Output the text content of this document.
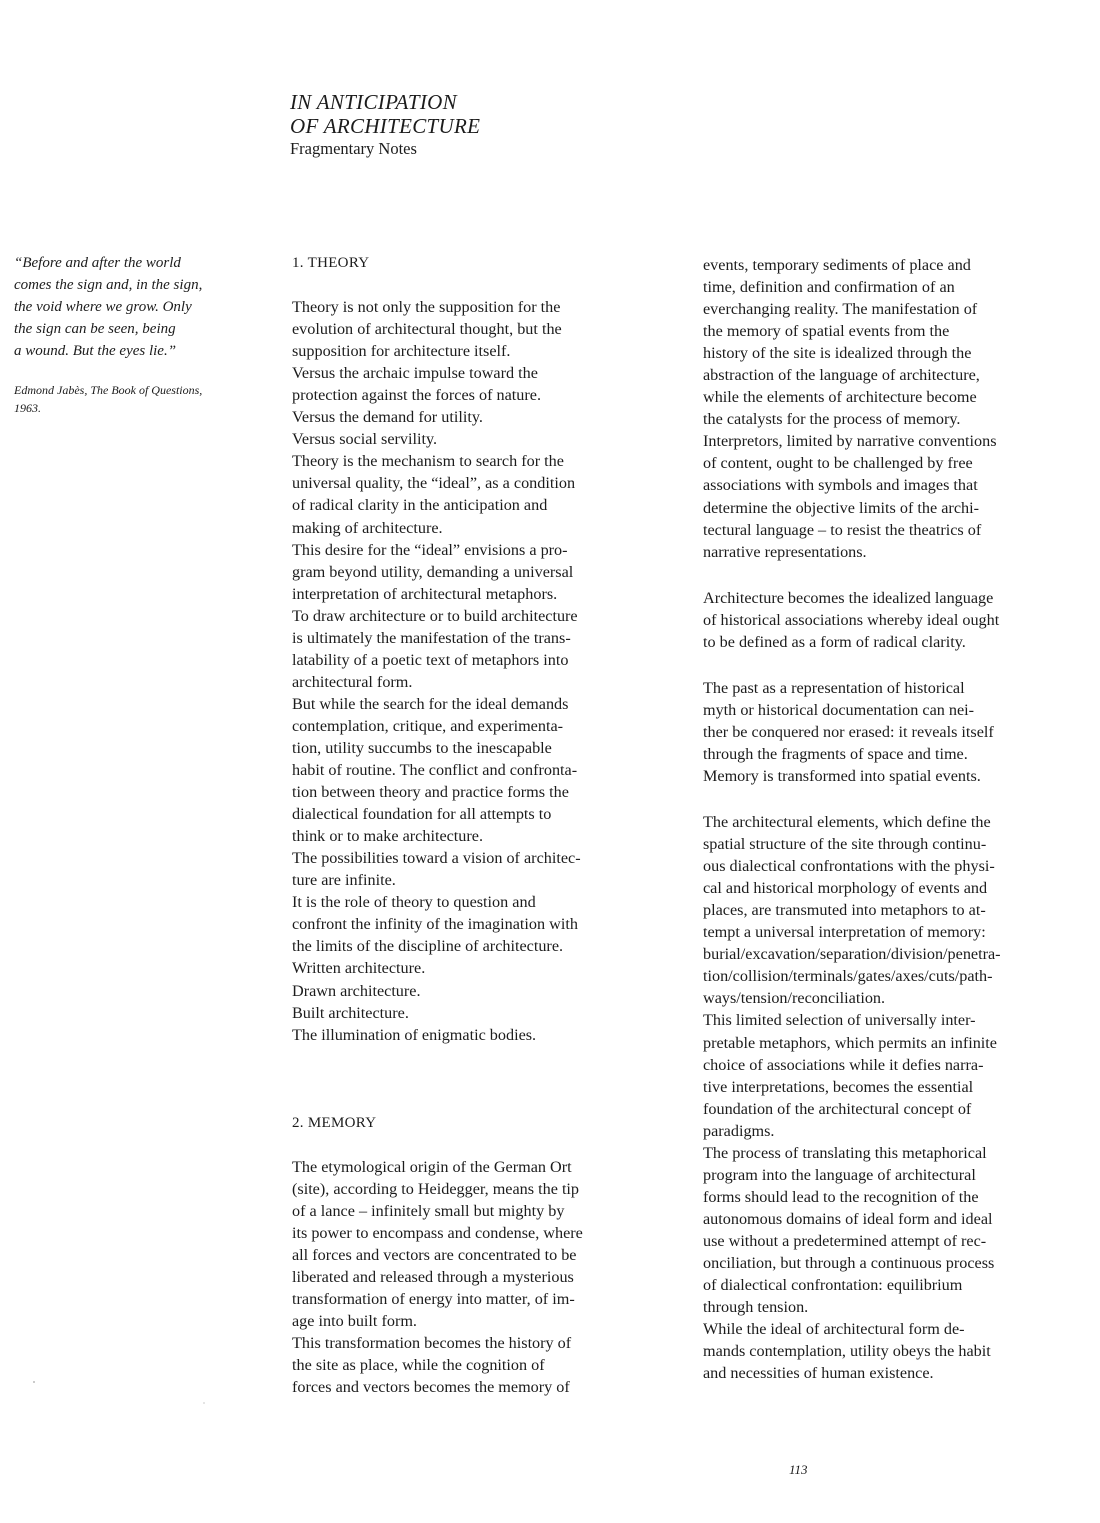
IN ANTICIPATION
OF ARCHITECTURE
Fragmentary Notes
“Before and after the world
comes the sign and, in the sign,
the void where we grow. Only
the sign can be seen, being
a wound. But the eyes lie.”
Edmond Jabès, The Book of Questions,
1963.
1. THEORY
Theory is not only the supposition for the
evolution of architectural thought, but the
supposition for architecture itself.
Versus the archaic impulse toward the
protection against the forces of nature.
Versus the demand for utility.
Versus social servility.
Theory is the mechanism to search for the
universal quality, the “ideal”, as a condition
of radical clarity in the anticipation and
making of architecture.
This desire for the “ideal” envisions a pro-
gram beyond utility, demanding a universal
interpretation of architectural metaphors.
To draw architecture or to build architecture
is ultimately the manifestation of the trans-
latability of a poetic text of metaphors into
architectural form.
But while the search for the ideal demands
contemplation, critique, and experimenta-
tion, utility succumbs to the inescapable
habit of routine. The conflict and confronta-
tion between theory and practice forms the
dialectical foundation for all attempts to
think or to make architecture.
The possibilities toward a vision of architec-
ture are infinite.
It is the role of theory to question and
confront the infinity of the imagination with
the limits of the discipline of architecture.
Written architecture.
Drawn architecture.
Built architecture.
The illumination of enigmatic bodies.
2. MEMORY
The etymological origin of the German Ort
(site), according to Heidegger, means the tip
of a lance – infinitely small but mighty by
its power to encompass and condense, where
all forces and vectors are concentrated to be
liberated and released through a mysterious
transformation of energy into matter, of im-
age into built form.
This transformation becomes the history of
the site as place, while the cognition of
forces and vectors becomes the memory of
events, temporary sediments of place and
time, definition and confirmation of an
everchanging reality. The manifestation of
the memory of spatial events from the
history of the site is idealized through the
abstraction of the language of architecture,
while the elements of architecture become
the catalysts for the process of memory.
Interpretors, limited by narrative conventions
of content, ought to be challenged by free
associations with symbols and images that
determine the objective limits of the archi-
tectural language – to resist the theatrics of
narrative representations.
Architecture becomes the idealized language
of historical associations whereby ideal ought
to be defined as a form of radical clarity.
The past as a representation of historical
myth or historical documentation can nei-
ther be conquered nor erased: it reveals itself
through the fragments of space and time.
Memory is transformed into spatial events.
The architectural elements, which define the
spatial structure of the site through continu-
ous dialectical confrontations with the physi-
cal and historical morphology of events and
places, are transmuted into metaphors to at-
tempt a universal interpretation of memory:
burial/excavation/separation/division/penetra-
tion/collision/terminals/gates/axes/cuts/path-
ways/tension/reconciliation.
This limited selection of universally inter-
pretable metaphors, which permits an infinite
choice of associations while it defies narra-
tive interpretations, becomes the essential
foundation of the architectural concept of
paradigms.
The process of translating this metaphorical
program into the language of architectural
forms should lead to the recognition of the
autonomous domains of ideal form and ideal
use without a predetermined attempt of rec-
onciliation, but through a continuous process
of dialectical confrontation: equilibrium
through tension.
While the ideal of architectural form de-
mands contemplation, utility obeys the habit
and necessities of human existence.
113
